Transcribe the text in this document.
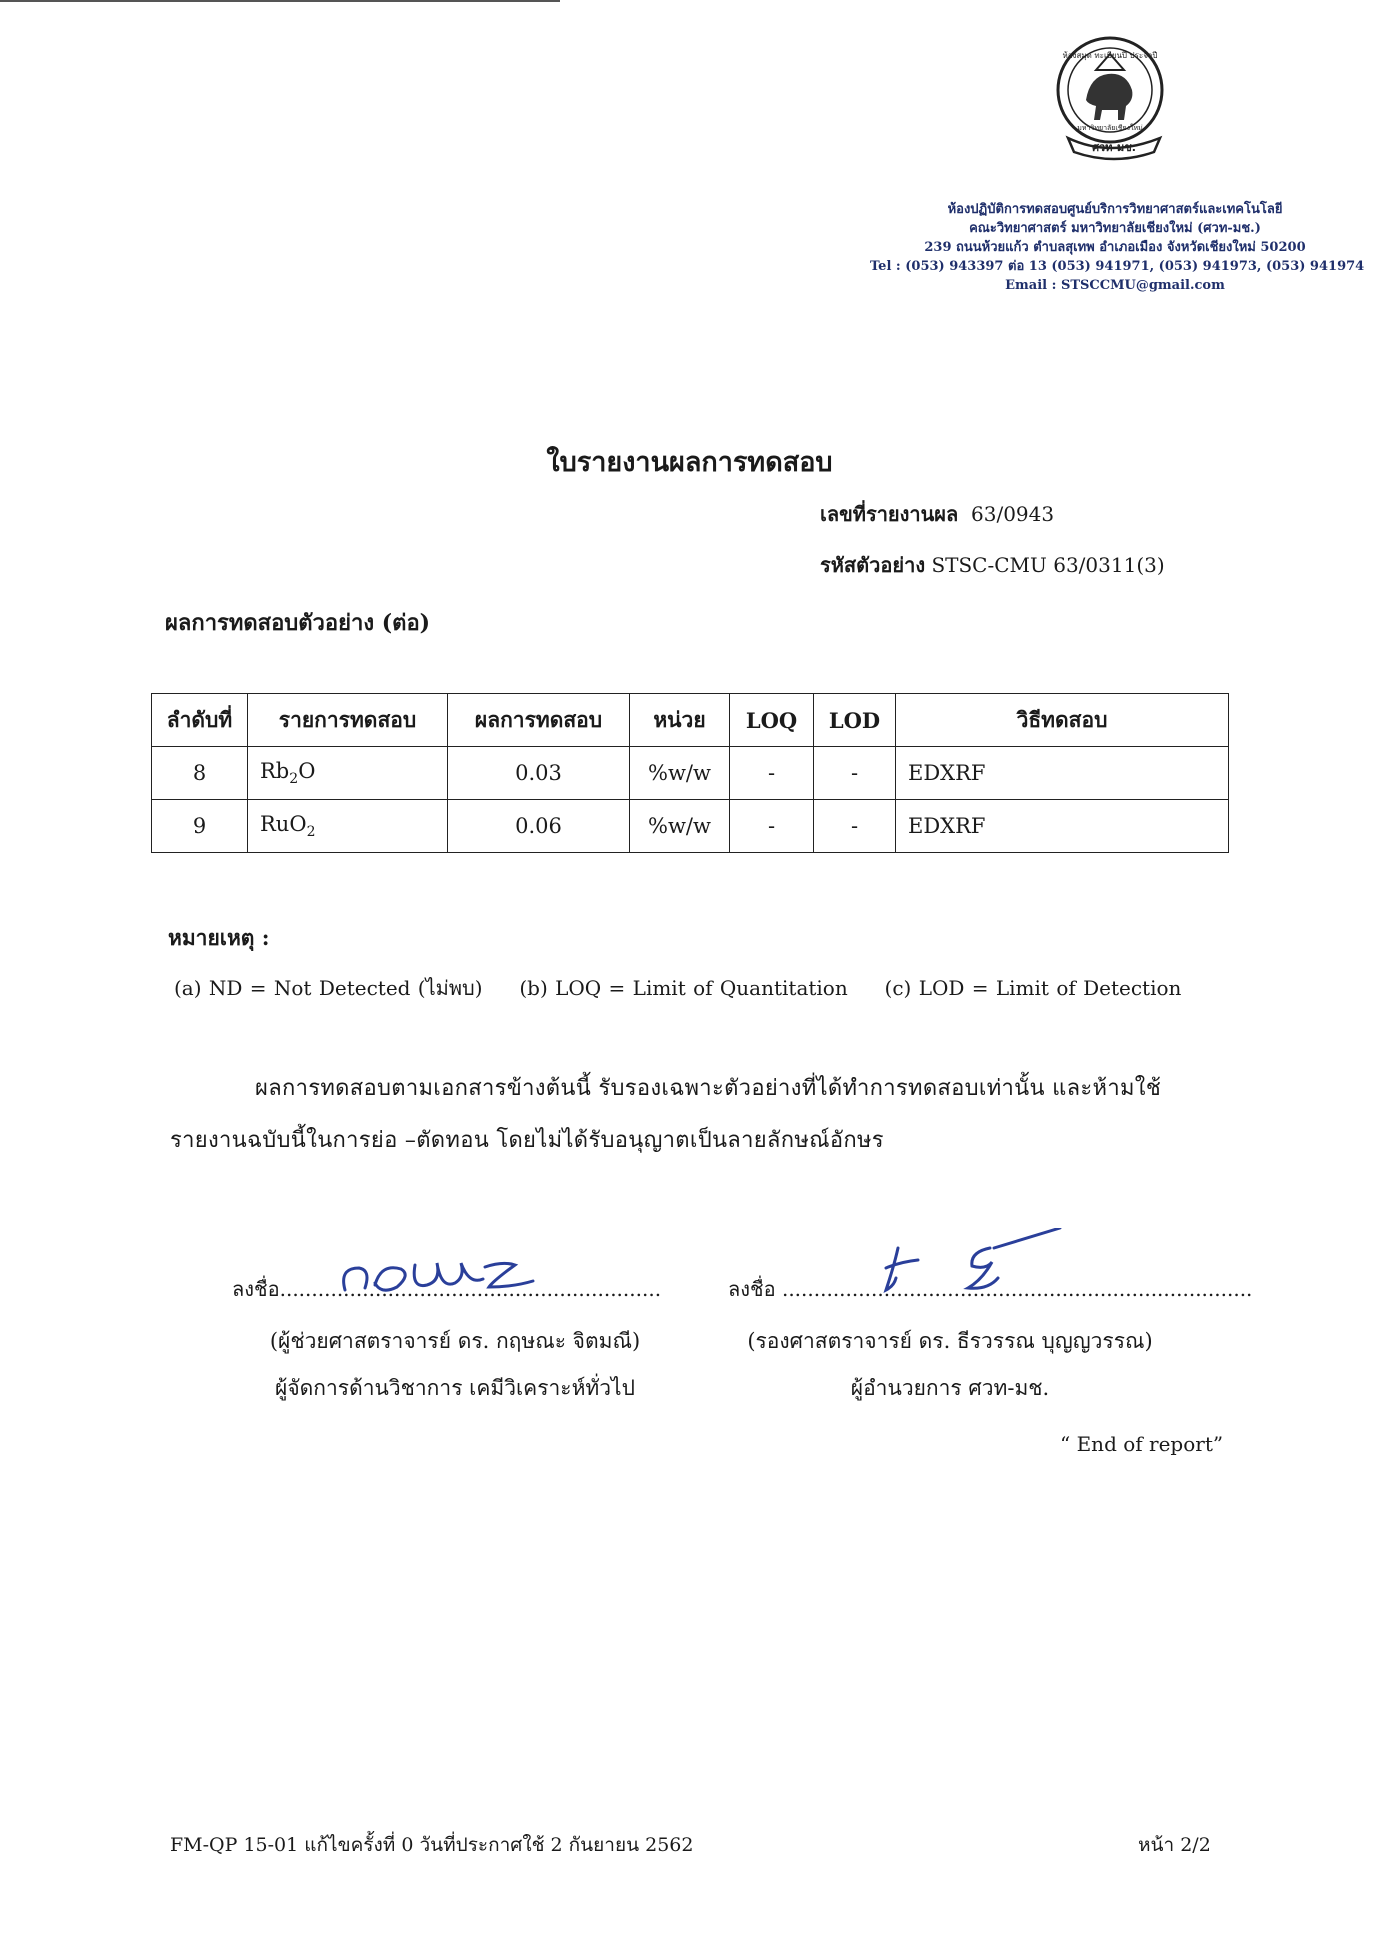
ศวท-มช.
ห้องสมุด ทะเบียนปี ประจำปี
มหาวิทยาลัยเชียงใหม่
ห้องปฏิบัติการทดสอบศูนย์บริการวิทยาศาสตร์และเทคโนโลยี
คณะวิทยาศาสตร์ มหาวิทยาลัยเชียงใหม่ (ศวท-มช.)
239 ถนนห้วยแก้ว ตำบลสุเทพ อำเภอเมือง จังหวัดเชียงใหม่ 50200
Tel : (053) 943397 ต่อ 13 (053) 941971, (053) 941973, (053) 941974
Email : STSCCMU@gmail.com
ใบรายงานผลการทดสอบ
เลขที่รายงานผล 63/0943
รหัสตัวอย่าง STSC-CMU 63/0311(3)
ผลการทดสอบตัวอย่าง (ต่อ)
ลำดับที่	รายการทดสอบ	ผลการทดสอบ	หน่วย	LOQ	LOD	วิธีทดสอบ
8	$Rb_2O$	0.03	%w/w	-	-	EDXRF
9	RuO$_2$	0.06	%w/w	-	-	EDXRF
หมายเหตุ :
(a) ND = Not Detected (ไม่พบ) (b) LOQ = Limit of Quantitation (c) LOD = Limit of Detection
ผลการทดสอบตามเอกสารข้างต้นนี้ รับรองเฉพาะตัวอย่างที่ได้ทำการทดสอบเท่านั้น และห้ามใช้
รายงานฉบับนี้ในการย่อ –ตัดทอน โดยไม่ได้รับอนุญาตเป็นลายลักษณ์อักษร
ลงชื่อ............................................................
(ผู้ช่วยศาสตราจารย์ ดร. กฤษณะ จิตมณี)
ผู้จัดการด้านวิชาการ เคมีวิเคราะห์ทั่วไป
ลงชื่อ ..........................................................................
(รองศาสตราจารย์ ดร. ธีรวรรณ บุญญวรรณ)
ผู้อำนวยการ ศวท-มช.
“ End of report”
FM-QP 15-01 แก้ไขครั้งที่ 0 วันที่ประกาศใช้ 2 กันยายน 2562	หน้า 2/2
